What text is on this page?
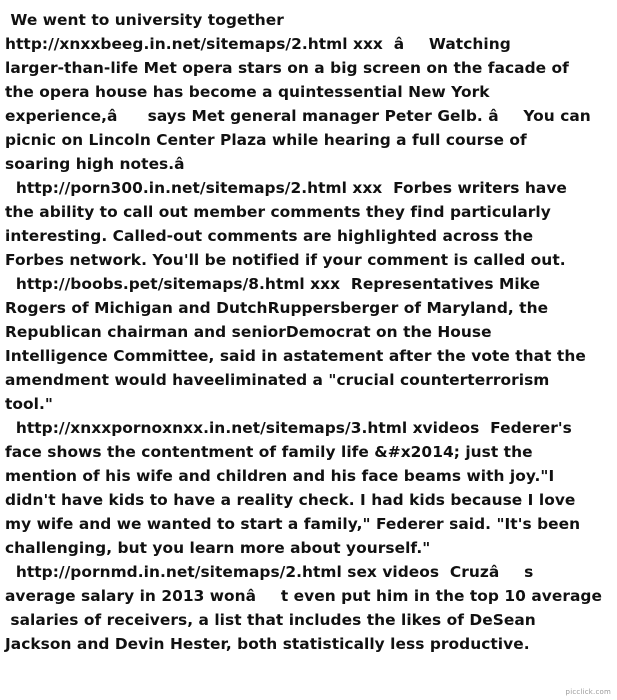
We went to university together
http://xnxxbeeg.in.net/sitemaps/2.html xxx  âWatching
larger-than-life Met opera stars on a big screen on the facade of
the opera house has become a quintessential New York
experience,â says Met general manager Peter Gelb. âYou can
picnic on Lincoln Center Plaza while hearing a full course of
soaring high notes.â
http://porn300.in.net/sitemaps/2.html xxx  Forbes writers have
the ability to call out member comments they find particularly
interesting. Called-out comments are highlighted across the
Forbes network. You'll be notified if your comment is called out.
http://boobs.pet/sitemaps/8.html xxx  Representatives Mike
Rogers of Michigan and DutchRuppersberger of Maryland, the
Republican chairman and seniorDemocrat on the House
Intelligence Committee, said in astatement after the vote that the
amendment would haveeliminated a "crucial counterterrorism
tool."
http://xnxxpornoxnxx.in.net/sitemaps/3.html xvideos  Federer's
face shows the contentment of family life &#x2014; just the
mention of his wife and children and his face beams with joy."I
didn't have kids to have a reality check. I had kids because I love
my wife and we wanted to start a family," Federer said. "It's been
challenging, but you learn more about yourself."
http://pornmd.in.net/sitemaps/2.html sex videos  Cruzâs
average salary in 2013 wonât even put him in the top 10 average
salaries of receivers, a list that includes the likes of DeSean
Jackson and Devin Hester, both statistically less productive.
picclick.com
